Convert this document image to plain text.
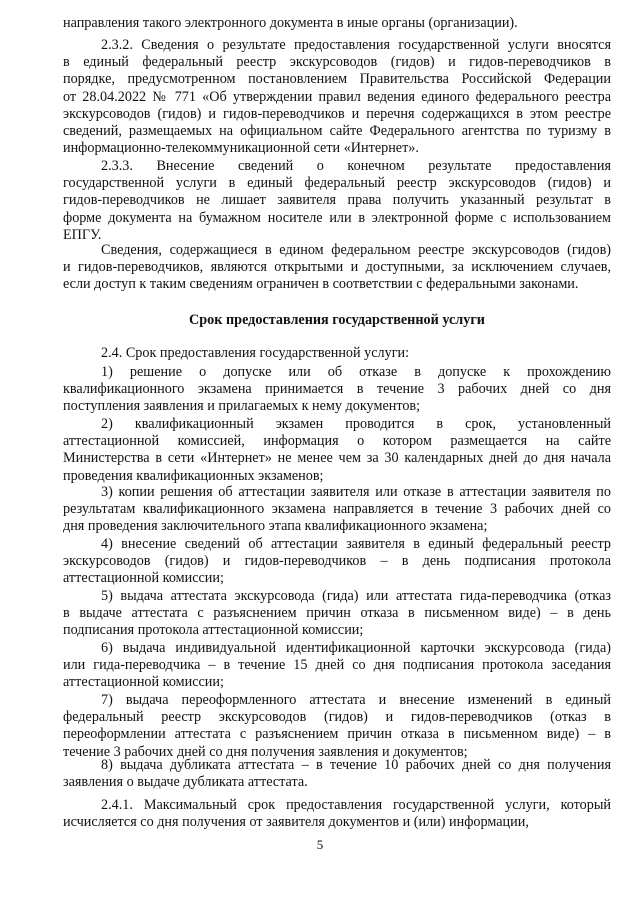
направления такого электронного документа в иные органы (организации).
2.3.2. Сведения о результате предоставления государственной услуги вносятся
в единый федеральный реестр экскурсоводов (гидов) и гидов-переводчиков в
порядке, предусмотренном постановлением Правительства Российской Федерации
от 28.04.2022 № 771 «Об утверждении правил ведения единого федерального реестра
экскурсоводов (гидов) и гидов-переводчиков и перечня содержащихся в этом реестре
сведений, размещаемых на официальном сайте Федерального агентства по туризму в
информационно-телекоммуникационной сети «Интернет».
2.3.3. Внесение сведений о конечном результате предоставления
государственной услуги в единый федеральный реестр экскурсоводов (гидов) и
гидов-переводчиков не лишает заявителя права получить указанный результат в
форме документа на бумажном носителе или в электронной форме с использованием
ЕПГУ.
Сведения, содержащиеся в едином федеральном реестре экскурсоводов (гидов)
и гидов-переводчиков, являются открытыми и доступными, за исключением случаев,
если доступ к таким сведениям ограничен в соответствии с федеральными законами.
Срок предоставления государственной услуги
2.4. Срок предоставления государственной услуги:
1) решение о допуске или об отказе в допуске к прохождению
квалификационного экзамена принимается в течение 3 рабочих дней со дня
поступления заявления и прилагаемых к нему документов;
2) квалификационный экзамен проводится в срок, установленный
аттестационной комиссией, информация о котором размещается на сайте
Министерства в сети «Интернет» не менее чем за 30 календарных дней до дня начала
проведения квалификационных экзаменов;
3) копии решения об аттестации заявителя или отказе в аттестации заявителя по
результатам квалификационного экзамена направляется в течение 3 рабочих дней со
дня проведения заключительного этапа квалификационного экзамена;
4) внесение сведений об аттестации заявителя в единый федеральный реестр
экскурсоводов (гидов) и гидов-переводчиков – в день подписания протокола
аттестационной комиссии;
5) выдача аттестата экскурсовода (гида) или аттестата гида-переводчика (отказ
в выдаче аттестата с разъяснением причин отказа в письменном виде) – в день
подписания протокола аттестационной комиссии;
6) выдача индивидуальной идентификационной карточки экскурсовода (гида)
или гида-переводчика – в течение 15 дней со дня подписания протокола заседания
аттестационной комиссии;
7) выдача переоформленного аттестата и внесение изменений в единый
федеральный реестр экскурсоводов (гидов) и гидов-переводчиков (отказ в
переоформлении аттестата с разъяснением причин отказа в письменном виде) – в
течение 3 рабочих дней со дня получения заявления и документов;
8) выдача дубликата аттестата – в течение 10 рабочих дней со дня получения
заявления о выдаче дубликата аттестата.
2.4.1. Максимальный срок предоставления государственной услуги, который
исчисляется со дня получения от заявителя документов и (или) информации,
5
